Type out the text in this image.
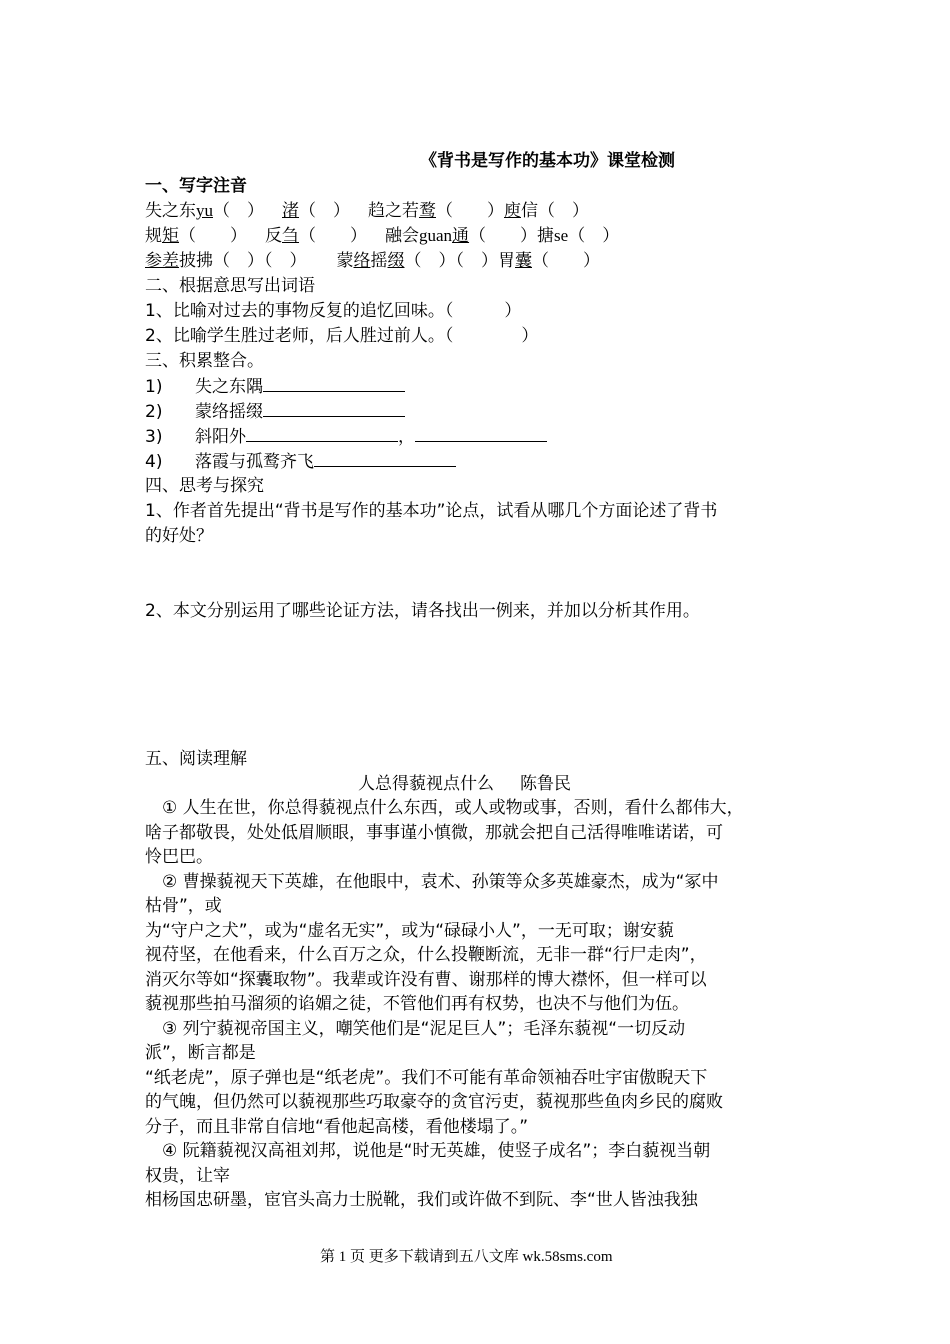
《背书是写作的基本功》课堂检测
一、写字注音
失之东yu（　） 渚（　） 趋之若鹜（　　）庾信（　）
规矩（　　） 反刍（　　） 融会guan通（　　）搪se（　）
参差披拂（　）（　） 蒙络摇缀（　）（　）胃囊（　　）
二、根据意思写出词语
1、比喻对过去的事物反复的追忆回味。（　　　）
2、比喻学生胜过老师，后人胜过前人。（　　　　）
三、积累整合。
1) 失之东隅
2) 蒙络摇缀
3) 斜阳外	，
4) 落霞与孤鹜齐飞
四、思考与探究
1、作者首先提出“背书是写作的基本功”论点，试看从哪几个方面论述了背书
的好处？
2、本文分别运用了哪些论证方法，请各找出一例来，并加以分析其作用。
五、阅读理解
人总得藐视点什么 陈鲁民
　① 人生在世，你总得藐视点什么东西，或人或物或事，否则，看什么都伟大，
啥子都敬畏，处处低眉顺眼，事事谨小慎微，那就会把自己活得唯唯诺诺，可
怜巴巴。
　② 曹操藐视天下英雄，在他眼中，袁术、孙策等众多英雄豪杰，成为“冢中
枯骨”，或
为“守户之犬”，或为“虚名无实”，或为“碌碌小人”，一无可取；谢安藐
视苻坚，在他看来，什么百万之众，什么投鞭断流，无非一群“行尸走肉”，
消灭尔等如“探囊取物”。我辈或许没有曹、谢那样的博大襟怀，但一样可以
藐视那些拍马溜须的谄媚之徒，不管他们再有权势，也决不与他们为伍。
　③ 列宁藐视帝国主义，嘲笑他们是“泥足巨人”；毛泽东藐视“一切反动
派”，断言都是
“纸老虎”，原子弹也是“纸老虎”。我们不可能有革命领袖吞吐宇宙傲睨天下
的气魄，但仍然可以藐视那些巧取豪夺的贪官污吏，藐视那些鱼肉乡民的腐败
分子，而且非常自信地“看他起高楼，看他楼塌了。”
　④ 阮籍藐视汉高祖刘邦，说他是“时无英雄，使竖子成名”；李白藐视当朝
权贵，让宰
相杨国忠研墨，宦官头高力士脱靴，我们或许做不到阮、李“世人皆浊我独
第 1 页 更多下载请到五八文库 wk.58sms.com
